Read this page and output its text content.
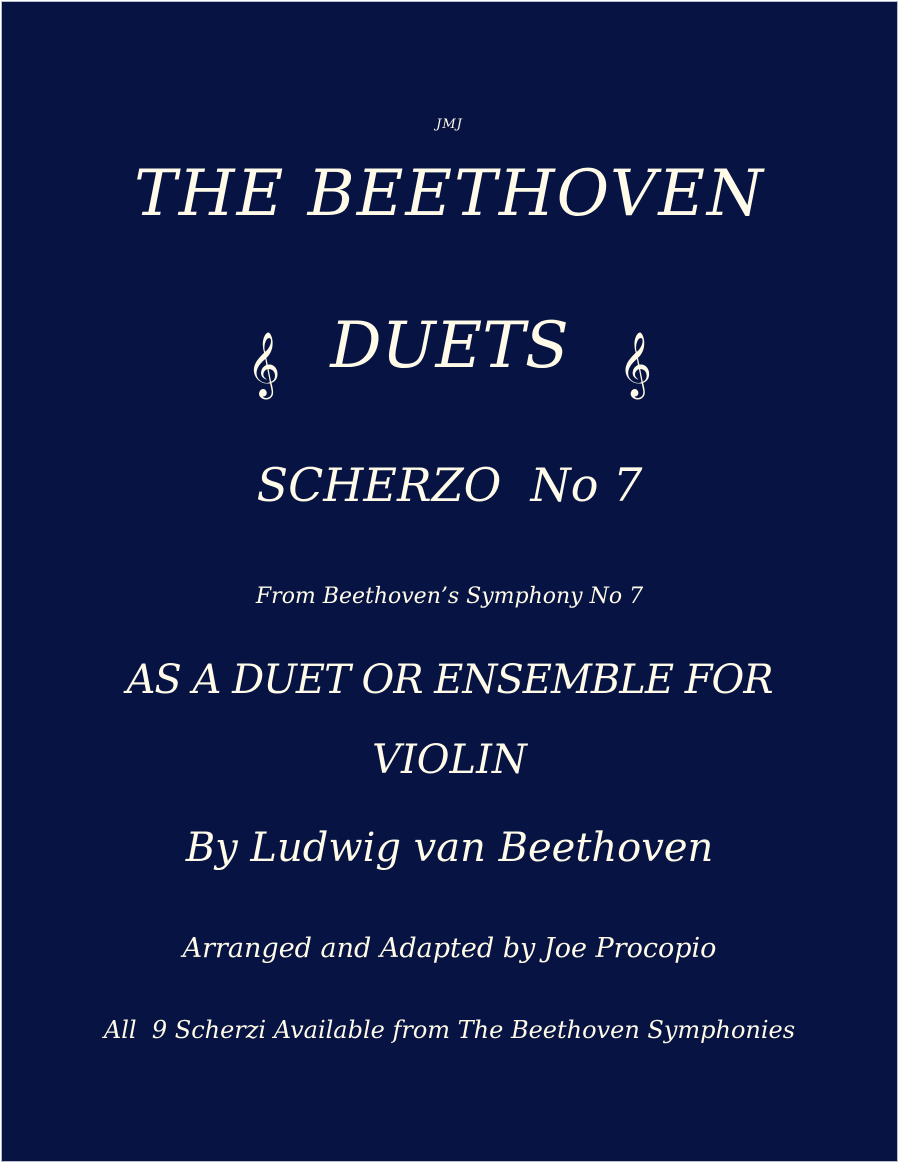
JMJ
THE BEETHOVEN
𝄞 DUETS 𝄞
SCHERZO  No 7
From Beethoven’s Symphony No 7
AS A DUET OR ENSEMBLE FOR
VIOLIN
By Ludwig van Beethoven
Arranged and Adapted by Joe Procopio
All  9 Scherzi Available from The Beethoven Symphonies
